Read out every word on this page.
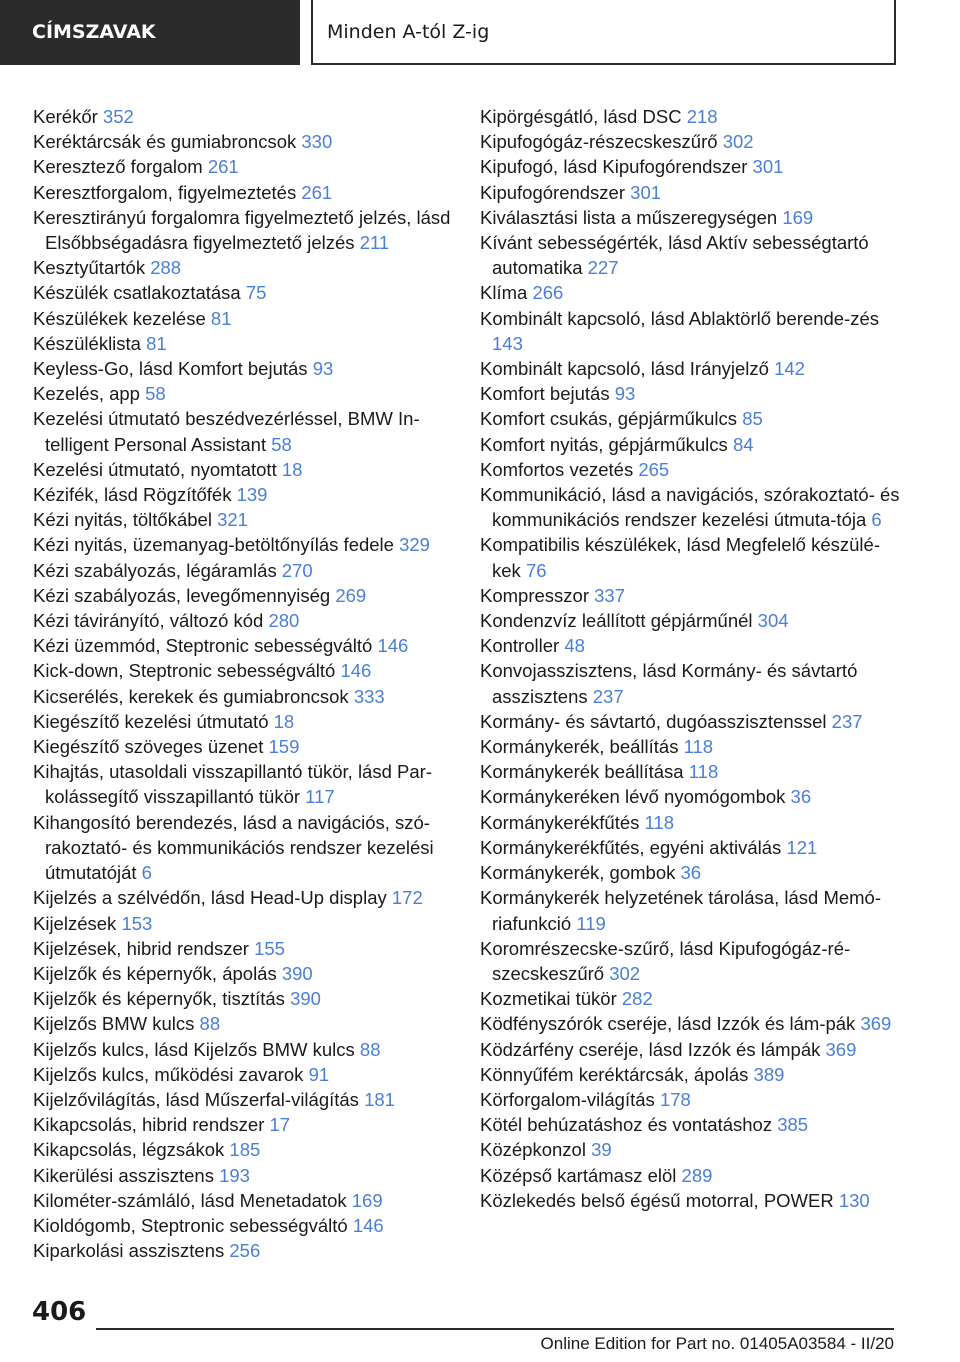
CÍMSZAVAK	Minden A-tól Z-ig
Kerékőr 352
Keréktárcsák és gumiabroncsok 330
Keresztező forgalom 261
Keresztforgalom, figyelmeztetés 261
Keresztirányú forgalomra figyelmeztető jelzés, lásd Elsőbbségadásra figyelmeztető jelzés 211
Kesztyűtartók 288
Készülék csatlakoztatása 75
Készülékek kezelése 81
Készüléklista 81
Keyless-Go, lásd Komfort bejutás 93
Kezelés, app 58
Kezelési útmutató beszédvezérléssel, BMW In-telligent Personal Assistant 58
Kezelési útmutató, nyomtatott 18
Kézifék, lásd Rögzítőfék 139
Kézi nyitás, töltőkábel 321
Kézi nyitás, üzemanyag-betöltőnyílás fedele 329
Kézi szabályozás, légáramlás 270
Kézi szabályozás, levegőmennyiség 269
Kézi távirányító, változó kód 280
Kézi üzemmód, Steptronic sebességváltó 146
Kick-down, Steptronic sebességváltó 146
Kicserélés, kerekek és gumiabroncsok 333
Kiegészítő kezelési útmutató 18
Kiegészítő szöveges üzenet 159
Kihajtás, utasoldali visszapillantó tükör, lásd Par-kolássegítő visszapillantó tükör 117
Kihangosító berendezés, lásd a navigációs, szó-rakoztató- és kommunikációs rendszer kezelési útmutatóját 6
Kijelzés a szélvédőn, lásd Head-Up display 172
Kijelzések 153
Kijelzések, hibrid rendszer 155
Kijelzők és képernyők, ápolás 390
Kijelzők és képernyők, tisztítás 390
Kijelzős BMW kulcs 88
Kijelzős kulcs, lásd Kijelzős BMW kulcs 88
Kijelzős kulcs, működési zavarok 91
Kijelzővilágítás, lásd Műszerfal-világítás 181
Kikapcsolás, hibrid rendszer 17
Kikapcsolás, légzsákok 185
Kikerülési asszisztens 193
Kilométer-számláló, lásd Menetadatok 169
Kioldógomb, Steptronic sebességváltó 146
Kiparkolási asszisztens 256
Kipörgésgátló, lásd DSC 218
Kipufogógáz-részecskeszűrő 302
Kipufogó, lásd Kipufogórendszer 301
Kipufogórendszer 301
Kiválasztási lista a műszeregységen 169
Kívánt sebességérték, lásd Aktív sebességtartó automatika 227
Klíma 266
Kombinált kapcsoló, lásd Ablaktörlő berende-zés 143
Kombinált kapcsoló, lásd Irányjelző 142
Komfort bejutás 93
Komfort csukás, gépjárműkulcs 85
Komfort nyitás, gépjárműkulcs 84
Komfortos vezetés 265
Kommunikáció, lásd a navigációs, szórakoztató- és kommunikációs rendszer kezelési útmuta-tója 6
Kompatibilis készülékek, lásd Megfelelő készülé-kek 76
Kompresszor 337
Kondenzvíz leállított gépjárműnél 304
Kontroller 48
Konvojasszisztens, lásd Kormány- és sávtartó asszisztens 237
Kormány- és sávtartó, dugóasszisztenssel 237
Kormánykerék, beállítás 118
Kormánykerék beállítása 118
Kormánykeréken lévő nyomógombok 36
Kormánykerékfűtés 118
Kormánykerékfűtés, egyéni aktiválás 121
Kormánykerék, gombok 36
Kormánykerék helyzetének tárolása, lásd Memó-riafunkció 119
Koromrészecske-szűrő, lásd Kipufogógáz-ré-szecskeszűrő 302
Kozmetikai tükör 282
Ködfényszórók cseréje, lásd Izzók és lám-pák 369
Ködzárfény cseréje, lásd Izzók és lámpák 369
Könnyűfém keréktárcsák, ápolás 389
Körforgalom-világítás 178
Kötél behúzatáshoz és vontatáshoz 385
Középkonzol 39
Középső kartámasz elöl 289
Közlekedés belső égésű motorral, POWER 130
406
Online Edition for Part no. 01405A03584 - II/20
